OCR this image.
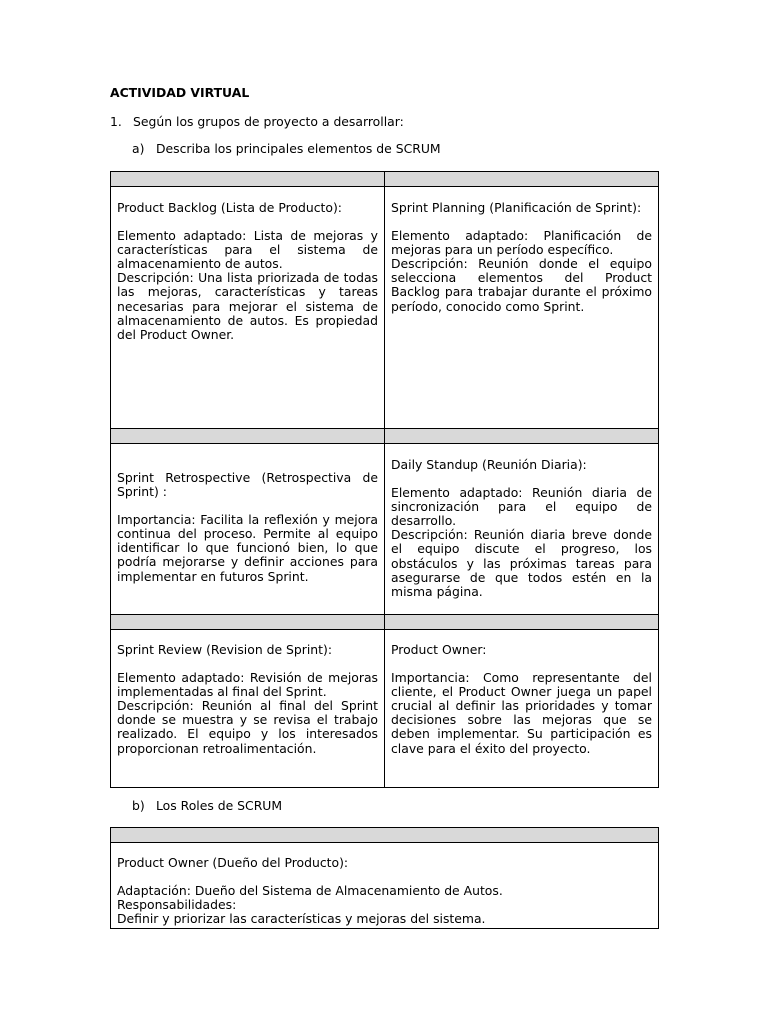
ACTIVIDAD VIRTUAL
1. Según los grupos de proyecto a desarrollar:
a) Describa los principales elementos de SCRUM

Product Backlog (Lista de Producto):

Elemento adaptado: Lista de mejoras y características para el sistema de almacenamiento de autos.

Descripción: Una lista priorizada de todas las mejoras, características y tareas necesarias para mejorar el sistema de almacenamiento de autos. Es propiedad del Product Owner.

Sprint Planning (Planificación de Sprint):

Elemento adaptado: Planificación de mejoras para un período específico.

Descripción: Reunión donde el equipo selecciona elementos del Product Backlog para trabajar durante el próximo período, conocido como Sprint.

Sprint Retrospective (Retrospectiva de Sprint) :

Importancia: Facilita la reflexión y mejora continua del proceso. Permite al equipo identificar lo que funcionó bien, lo que podría mejorarse y definir acciones para implementar en futuros Sprint.

Daily Standup (Reunión Diaria):

Elemento adaptado: Reunión diaria de sincronización para el equipo de desarrollo.

Descripción: Reunión diaria breve donde el equipo discute el progreso, los obstáculos y las próximas tareas para asegurarse de que todos estén en la misma página.

Sprint Review (Revision de Sprint):

Elemento adaptado: Revisión de mejoras implementadas al final del Sprint.

Descripción: Reunión al final del Sprint donde se muestra y se revisa el trabajo realizado. El equipo y los interesados proporcionan retroalimentación.

Product Owner:

Importancia: Como representante del cliente, el Product Owner juega un papel crucial al definir las prioridades y tomar decisiones sobre las mejoras que se deben implementar. Su participación es clave para el éxito del proyecto.

b) Los Roles de SCRUM

Product Owner (Dueño del Producto):

Adaptación: Dueño del Sistema de Almacenamiento de Autos.

Responsabilidades:

Definir y priorizar las características y mejoras del sistema.
